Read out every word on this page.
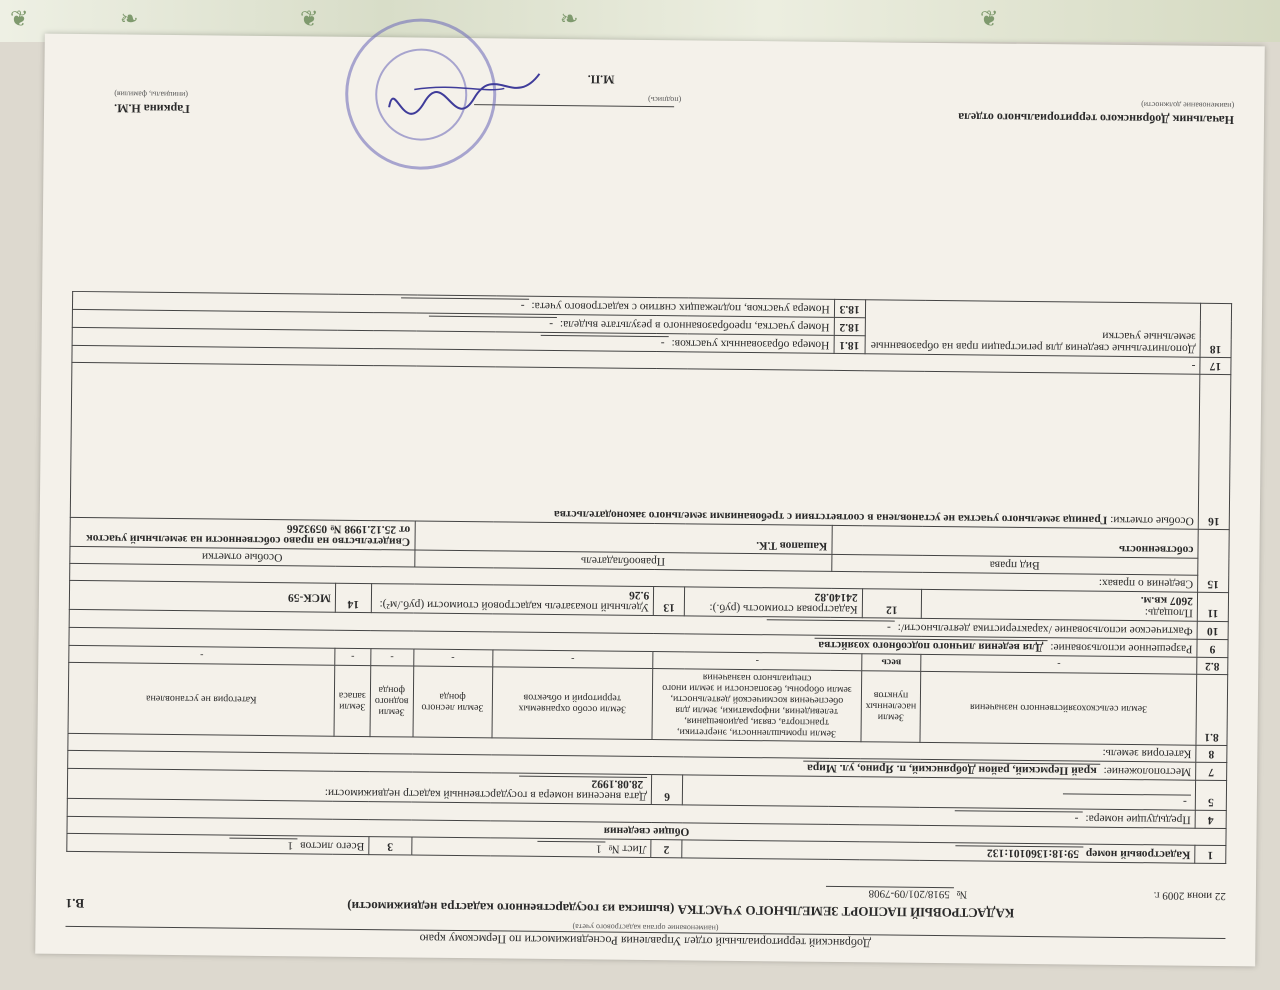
❦	❧	❦	❧	❦
Добрянский территориальный отдел Управления Роснедвижимости по Пермскому краю
(наименование органа кадастрового учета)
КАДАСТРОВЫЙ ПАСПОРТ ЗЕМЕЛЬНОГО УЧАСТКА (выписка из государственного кадастра недвижимости)
В.1
22 июня 2009 г.
№ 5918/201/09-7908
1	Кадастровый номер 59:18:1360101:132				2	Лист № 1		3	Всего листов 1	
Общие сведения										
4	Предыдущие номера: -									
5	-				6	Дата внесения номера в государственный кадастр недвижимости:
28.08.1992				
7	Местоположение: край Пермский, район Добрянский, п. Ярино, ул. Мира									
8	Категория земель:									
8.1	Земли сельскохозяйственного назначения	Земли населенных пунктов	Земли промышленности, энергетики, транспорта, связи, радиовещания, телевидения, информатики, земли для обеспечения космической деятельности, земли обороны, безопасности и земли иного специального назначения			Земли особо охраняемых территорий и объектов	Земли лесного фонда	Земли водного фонда	Земли запаса	Категория не установлена
8.2	-	весь	-			-	-	-	-	-
9	Разрешенное использование: Для ведения личного подсобного хозяйства									
10	Фактическое использование /характеристика деятельности/: -									
11	Площадь:
2607 кв.м.	12	Кадастровая стоимость (руб.):
24140.82		13	Удельный показатель кадастровой стоимости (руб./м²): 9.26			14	МСК-59
15	Сведения о правах:									
	Вид права			Правообладатель				Особые отметки		
	собственность			Кашапов Т.К.				Свидетельство на право собственности на земельный участок от 25.12.1998 № 0593266		
16	Особые отметки: Граница земельного участка не установлена в соответствии с требованиями земельного законодательства									
17	-									
18	Дополнительные сведения для регистрации прав на образованные земельные участки		18.1	Номера образованных участков: -						
			18.2	Номер участка, преобразованного в результате выдела: -						
			18.3	Номера участков, подлежащих снятию с кадастрового учета: -						
Начальник Добрянского территориального отдела

Гаркина Н.М.	(наименование должности)
(подпись)
(инициалы, фамилия)
М.П.
